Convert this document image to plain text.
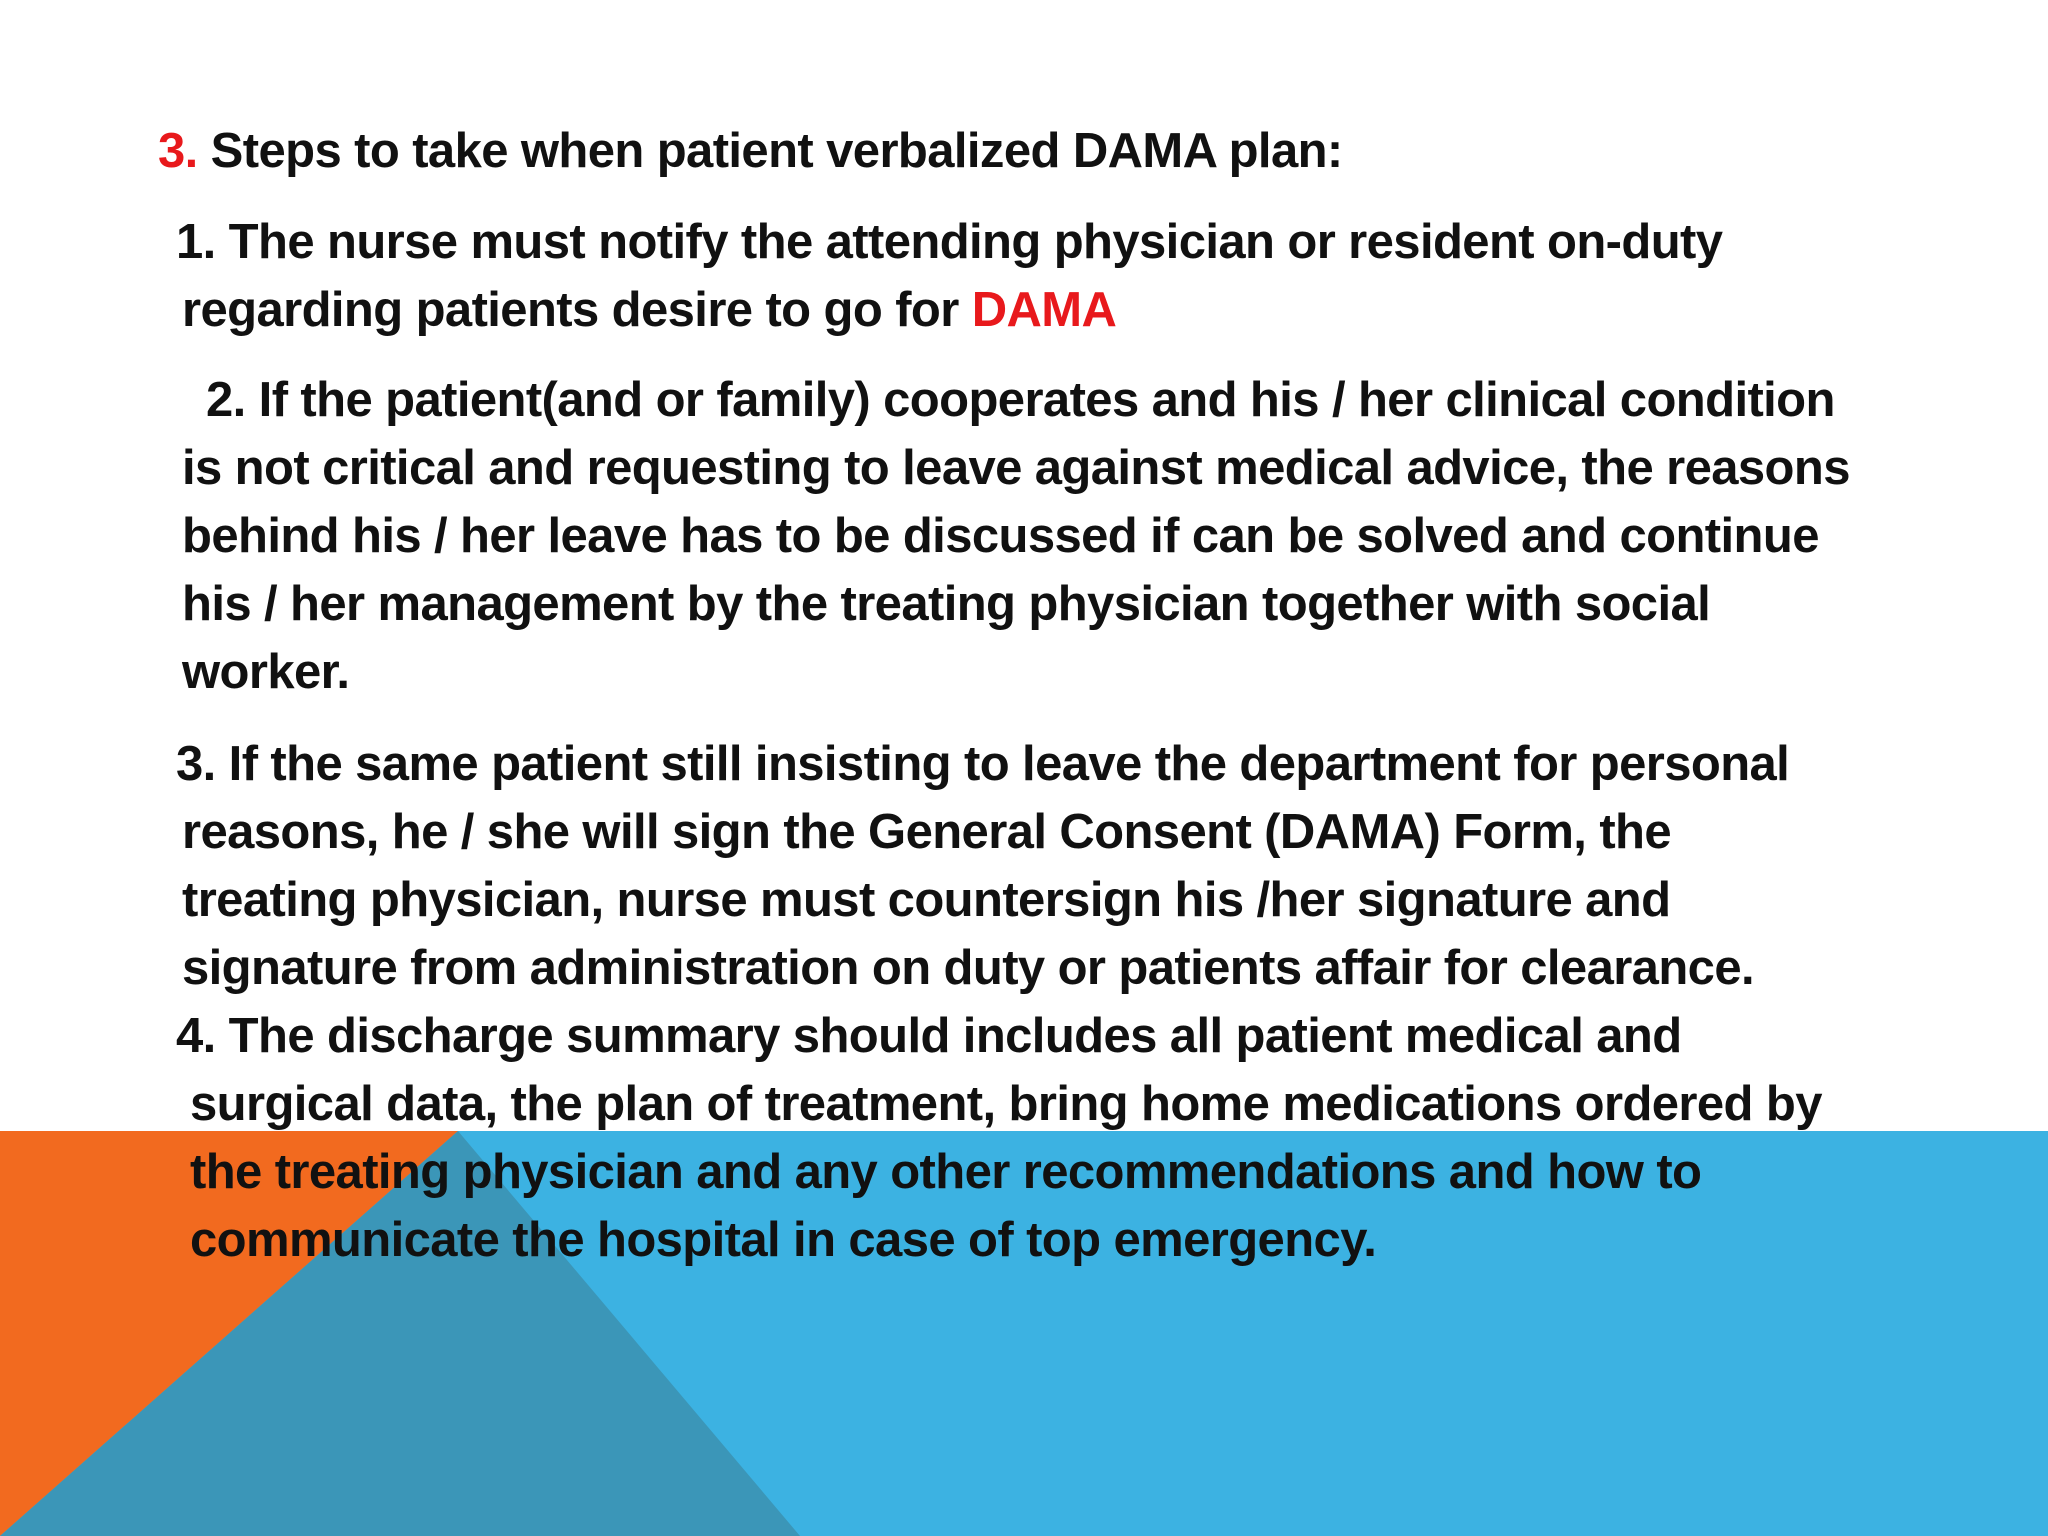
3. Steps to take when patient verbalized DAMA plan:

1. The nurse must notify the attending physician or resident on-duty

regarding patients desire to go for DAMA

2. If the patient(and or family) cooperates and his / her clinical condition

is not critical and requesting to leave against medical advice, the reasons

behind his / her leave has to be discussed if can be solved and continue

his / her management by the treating physician together with social

worker.

3. If the same patient still insisting to leave the department for personal

reasons, he / she will sign the General Consent (DAMA) Form, the

treating physician, nurse must countersign his /her signature and

signature from administration on duty or patients affair for clearance.

4. The discharge summary should includes all patient medical and

surgical data, the plan of treatment, bring home medications ordered by

the treating physician and any other recommendations and how to

communicate the hospital in case of top emergency.
